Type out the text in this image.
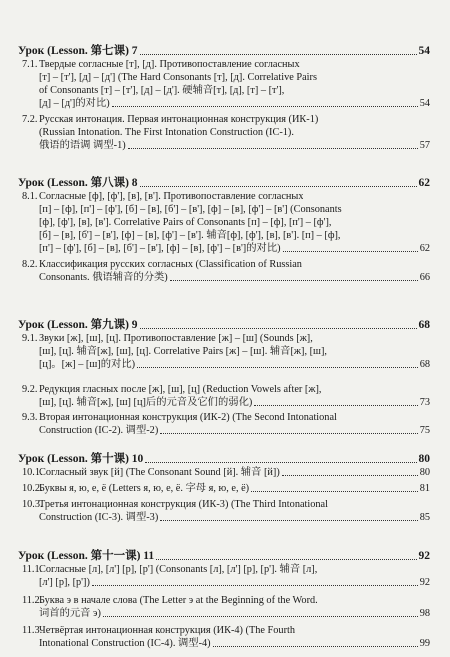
Урок (Lesson. 第七课) 7	54
7.1. Твердые согласные [т], [д]. Противопоставление согласных
[т] – [т'], [д] – [д'] (The Hard Consonants [т], [д]. Correlative Pairs
of Consonants [т] – [т'], [д] – [д']. 硬辅音[т], [д], [т] – [т'],
[д] – [д']的对比)	54
7.2. Русская интонация. Первая интонационная конструкция (ИК-1)
(Russian Intonation. The First Intonation Construction (IC-1).
俄语的语调 调型-1)	57
Урок (Lesson. 第八课) 8	62
8.1. Согласные [ф], [ф'], [в], [в']. Противопоставление согласных
[п] – [ф], [п'] – [ф'], [б] – [в], [б'] – [в'], [ф] – [в], [ф'] – [в'] (Consonants
[ф], [ф'], [в], [в']. Correlative Pairs of Consonants [п] – [ф], [п'] – [ф'],
[б] – [в], [б'] – [в'], [ф] – [в], [ф'] – [в']. 辅音[ф], [ф'], [в], [в']. [п] – [ф],
[п'] – [ф'], [б] – [в], [б'] – [в'], [ф] – [в], [ф'] – [в']的对比)	62
8.2. Классификация русских согласных (Classification of Russian
Consonants. 俄语辅音的分类)	66
Урок (Lesson. 第九课) 9	68
9.1. Звуки [ж], [ш], [ц]. Противопоставление [ж] – [ш] (Sounds [ж],
[ш], [ц]. 辅音[ж], [ш], [ц]. Correlative Pairs [ж] – [ш]. 辅音[ж], [ш],
[ц]。[ж] – [ш]的对比)	68
9.2. Редукция гласных после [ж], [ш], [ц] (Reduction Vowels after [ж],
[ш], [ц]. 辅音[ж], [ш] [ц]后的元音及它们的弱化)	73
9.3. Вторая интонационная конструкция (ИК-2) (The Second Intonational
Construction (IC-2). 调型-2)	75
Урок (Lesson. 第十课) 10	80
10.1.
Согласный звук [й] (The Consonant Sound [й]. 辅音 [й])	80
10.2.
Буквы я, ю, е, ё (Letters я, ю, е, ё. 字母 я, ю, е, ё)	81
10.3.
Третья интонационная конструкция (ИК-3) (The Third Intonational
Construction (IC-3). 调型-3)	85
Урок (Lesson. 第十一课) 11	92
11.1.
Согласные [л], [л'] [р], [р'] (Consonants [л], [л'] [р], [р']. 辅音 [л],
[л'] [р], [р'])	92
11.2.
Буква э в начале слова (The Letter э at the Beginning of the Word.
词首的元音 э)	98
11.3.
Четвёртая интонационная конструкция (ИК-4) (The Fourth
Intonational Construction (IC-4). 调型-4)	99
